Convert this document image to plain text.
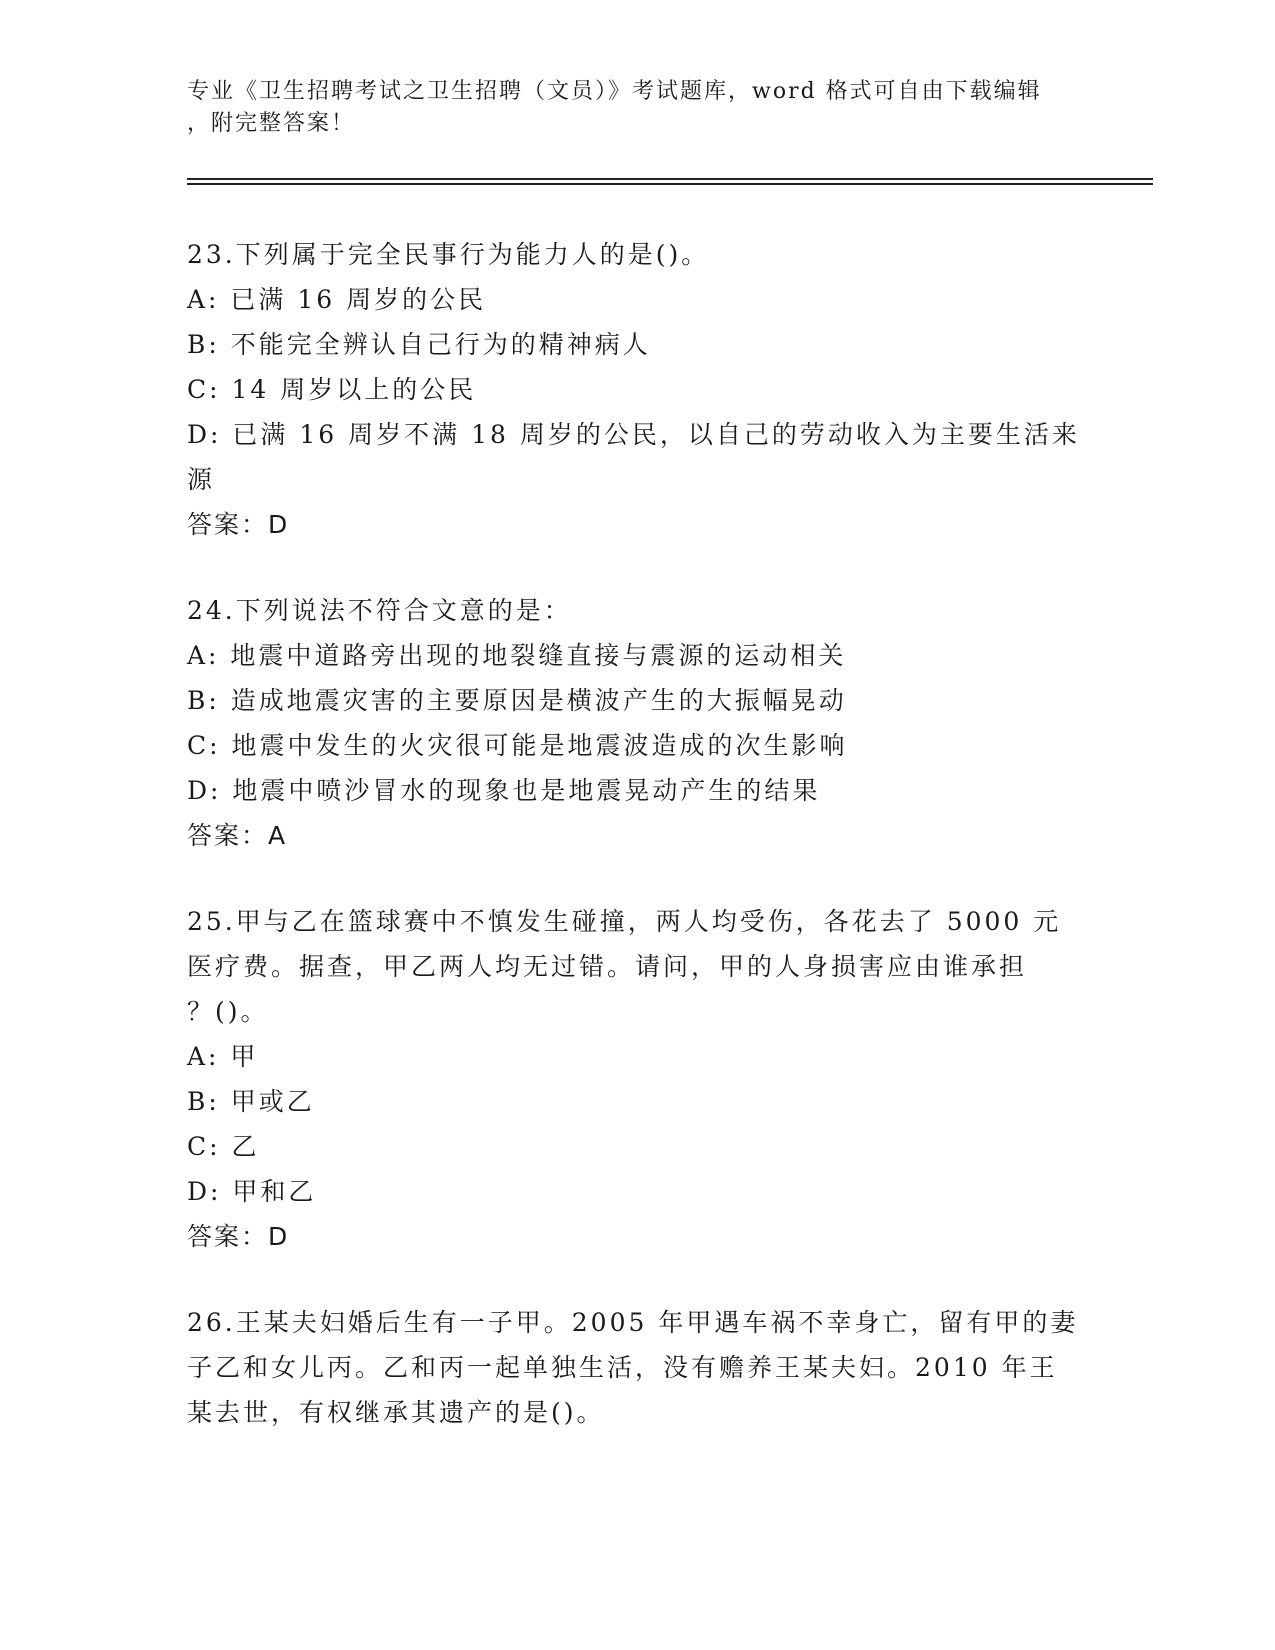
专业《卫生招聘考试之卫生招聘（文员）》考试题库，word 格式可自由下载编辑
，附完整答案！

23.下列属于完全民事行为能力人的是()。

A: 已满 16 周岁的公民

B: 不能完全辨认自己行为的精神病人

C: 14 周岁以上的公民

D: 已满 16 周岁不满 18 周岁的公民，以自己的劳动收入为主要生活来

源

答案：D

24.下列说法不符合文意的是：

A: 地震中道路旁出现的地裂缝直接与震源的运动相关

B: 造成地震灾害的主要原因是横波产生的大振幅晃动

C: 地震中发生的火灾很可能是地震波造成的次生影响

D: 地震中喷沙冒水的现象也是地震晃动产生的结果

答案：A

25.甲与乙在篮球赛中不慎发生碰撞，两人均受伤，各花去了 5000 元

医疗费。据查，甲乙两人均无过错。请问，甲的人身损害应由谁承担

？()。

A: 甲

B: 甲或乙

C: 乙

D: 甲和乙

答案：D

26.王某夫妇婚后生有一子甲。2005 年甲遇车祸不幸身亡，留有甲的妻

子乙和女儿丙。乙和丙一起单独生活，没有赡养王某夫妇。2010 年王

某去世，有权继承其遗产的是()。
